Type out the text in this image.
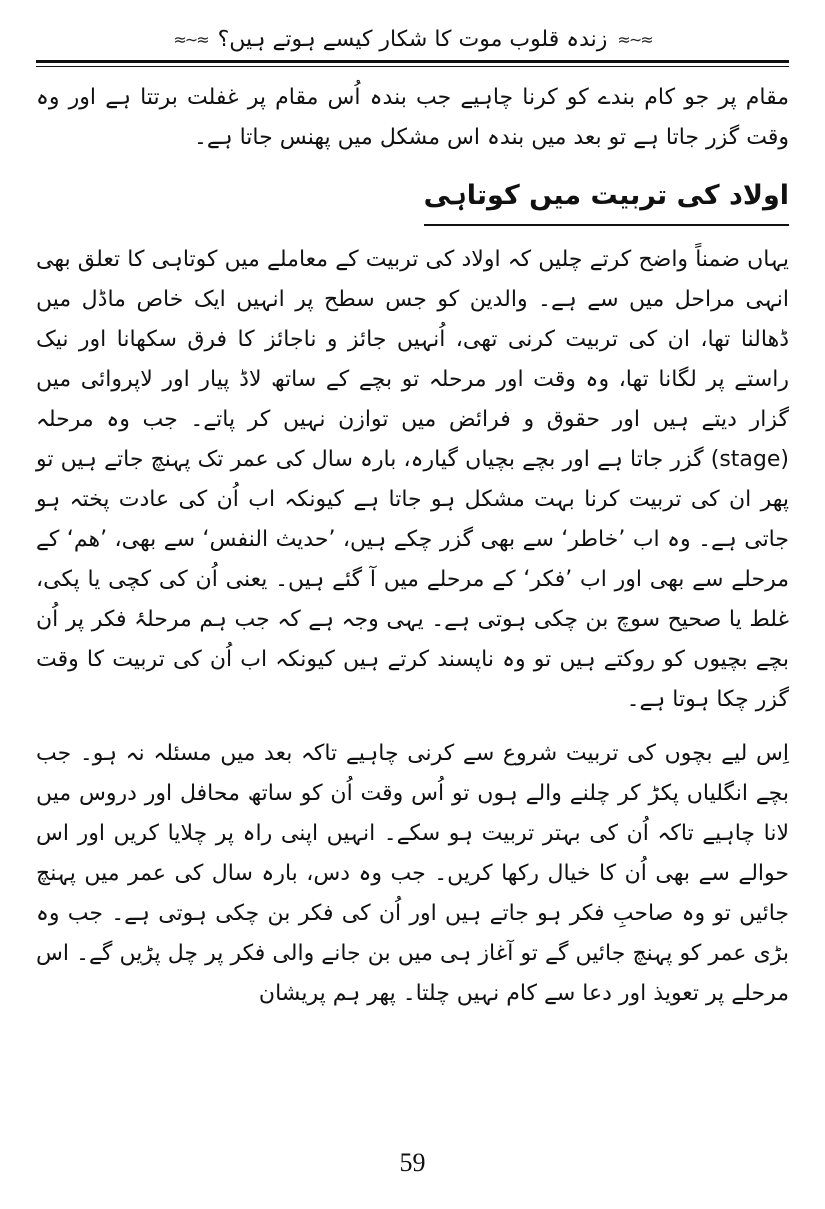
≈∽≈
زندہ قلوب موت کا شکار کیسے ہوتے ہیں؟
≈∽≈

مقام پر جو کام بندے کو کرنا چاہیے جب بندہ اُس مقام پر غفلت برتتا ہے اور وہ وقت گزر جاتا ہے تو بعد میں بندہ اس مشکل میں پھنس جاتا ہے۔

اولاد کی تربیت میں کوتاہی

یہاں ضمناً واضح کرتے چلیں کہ اولاد کی تربیت کے معاملے میں کوتاہی کا تعلق بھی انہی مراحل میں سے ہے۔ والدین کو جس سطح پر انہیں ایک خاص ماڈل میں ڈھالنا تھا، ان کی تربیت کرنی تھی، اُنہیں جائز و ناجائز کا فرق سکھانا اور نیک راستے پر لگانا تھا، وہ وقت اور مرحلہ تو بچے کے ساتھ لاڈ پیار اور لاپروائی میں گزار دیتے ہیں اور حقوق و فرائض میں توازن نہیں کر پاتے۔ جب وہ مرحلہ (stage) گزر جاتا ہے اور بچے بچیاں گیارہ، بارہ سال کی عمر تک پہنچ جاتے ہیں تو پھر ان کی تربیت کرنا بہت مشکل ہو جاتا ہے کیونکہ اب اُن کی عادت پختہ ہو جاتی ہے۔ وہ اب ’خاطر‘ سے بھی گزر چکے ہیں، ’حدیث النفس‘ سے بھی، ’ھم‘ کے مرحلے سے بھی اور اب ’فکر‘ کے مرحلے میں آ گئے ہیں۔ یعنی اُن کی کچی یا پکی، غلط یا صحیح سوچ بن چکی ہوتی ہے۔ یہی وجہ ہے کہ جب ہم مرحلۂ فکر پر اُن بچے بچیوں کو روکتے ہیں تو وہ ناپسند کرتے ہیں کیونکہ اب اُن کی تربیت کا وقت گزر چکا ہوتا ہے۔

اِس لیے بچوں کی تربیت شروع سے کرنی چاہیے تاکہ بعد میں مسئلہ نہ ہو۔ جب بچے انگلیاں پکڑ کر چلنے والے ہوں تو اُس وقت اُن کو ساتھ محافل اور دروس میں لانا چاہیے تاکہ اُن کی بہتر تربیت ہو سکے۔ انہیں اپنی راہ پر چلایا کریں اور اس حوالے سے بھی اُن کا خیال رکھا کریں۔ جب وہ دس، بارہ سال کی عمر میں پہنچ جائیں تو وہ صاحبِ فکر ہو جاتے ہیں اور اُن کی فکر بن چکی ہوتی ہے۔ جب وہ بڑی عمر کو پہنچ جائیں گے تو آغاز ہی میں بن جانے والی فکر پر چل پڑیں گے۔ اس مرحلے پر تعویذ اور دعا سے کام نہیں چلتا۔ پھر ہم پریشان

59
